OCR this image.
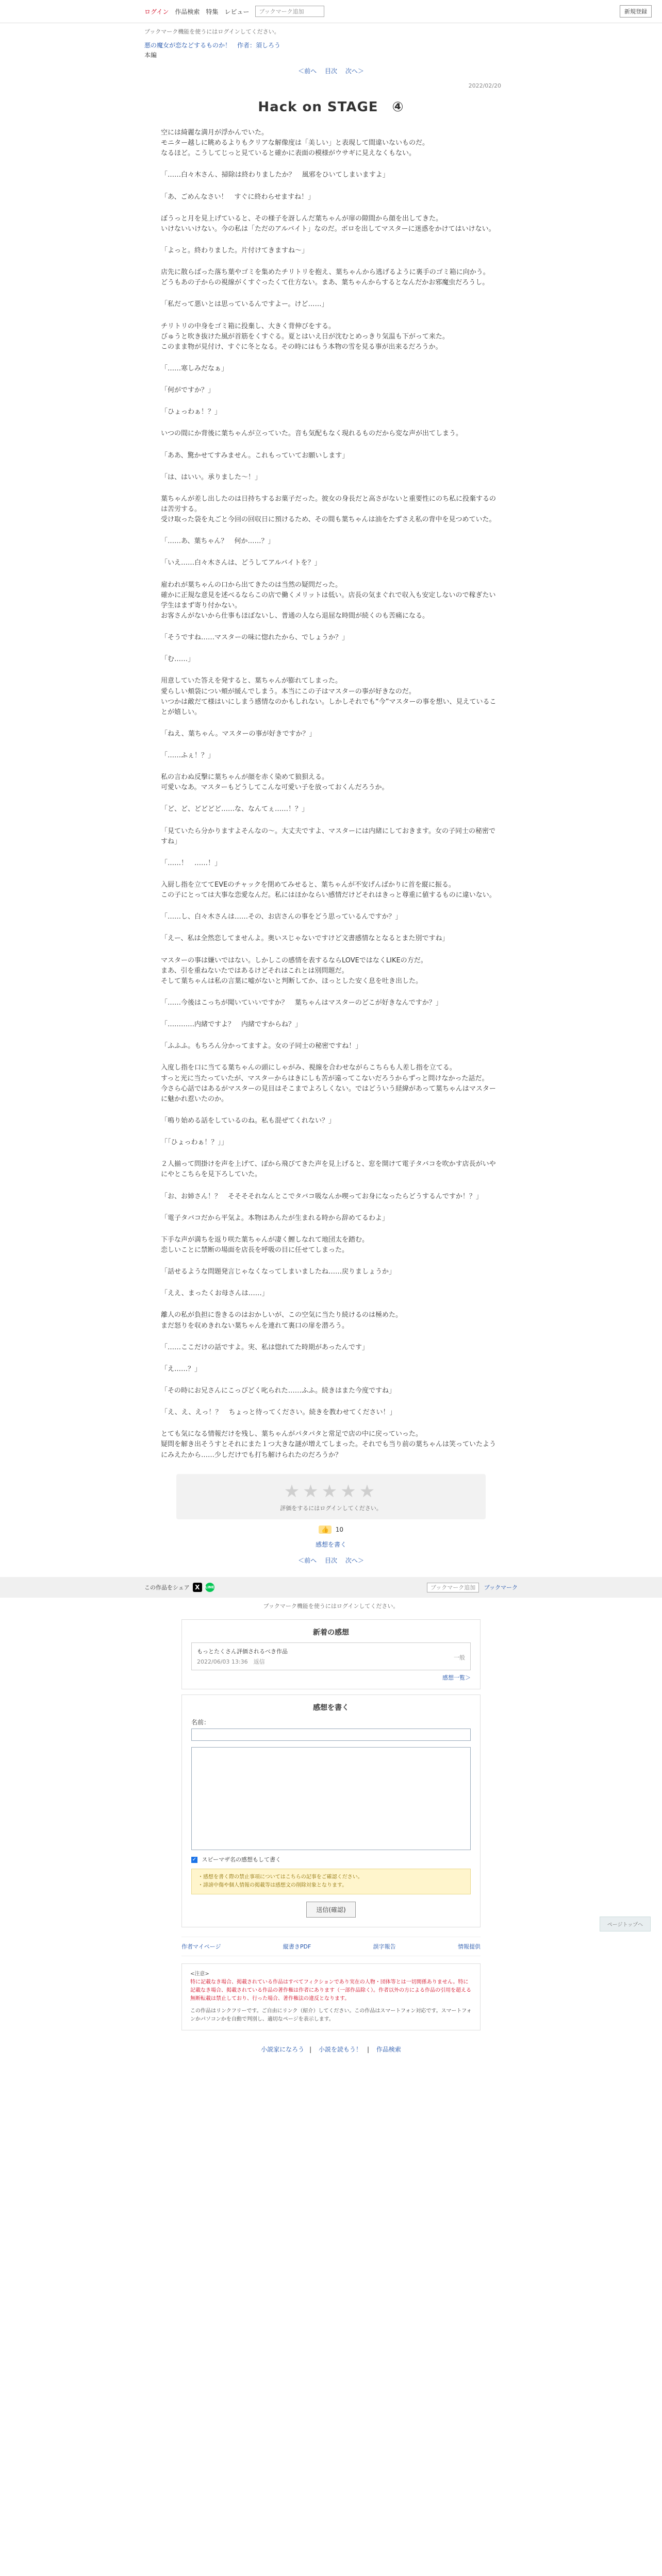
ログイン 作品検索 特集 レビュー	ブックマーク追加	新規登録
ブックマーク機能を使うにはログインしてください。
悪の魔女が恋などするものか！　作者：須しろう
本編
＜前へ 目次 次へ＞
2022/02/20
Hack on STAGE　④

空には綺麗な満月が浮かんでいた。
モニター越しに眺めるよりもクリアな解像度は「美しい」と表現して間違いないものだ。
なるほど。こうしてじっと見ていると確かに表面の模様がウサギに見えなくもない。

「……白々木さん、掃除は終わりましたか？　風邪をひいてしまいますよ」

「あ、ごめんなさい！　すぐに終わらせますね！」

ぼうっと月を見上げていると、その様子を訝しんだ葉ちゃんが扉の隙間から顔を出してきた。
いけないいけない。今の私は「ただのアルバイト」なのだ。ボロを出してマスターに迷惑をかけてはいけない。

「よっと。終わりました。片付けてきますね〜」

店先に散らばった落ち葉やゴミを集めたチリトリを抱え、葉ちゃんから逃げるように裏手のゴミ箱に向かう。
どうもあの子からの視線がくすぐったくて仕方ない。まあ、葉ちゃんからするとなんだかお邪魔虫だろうし。

「私だって悪いとは思っているんですよー。けど……」

チリトリの中身をゴミ箱に投棄し、大きく背伸びをする。
びゅうと吹き抜けた風が首筋をくすぐる。夏とはいえ日が沈むとめっきり気温も下がって来た。
このまま物が見付け、すぐに冬となる。その時にはもう本物の雪を見る事が出来るだろうか。

「……寒しみだなぁ」

「何がですか？」

「ひょっわぁ！？」

いつの間にか背後に葉ちゃんが立っていた。音も気配もなく現れるものだから変な声が出てしまう。

「ああ、驚かせてすみません。これもっていてお願いします」

「は、はいい。承りました〜！」

葉ちゃんが差し出したのは日持ちするお菓子だった。彼女の身長だと高さがないと重要性にのち私に投棄するのは苦労する。
受け取った袋を丸ごと今回の回収日に預けるため、その間も葉ちゃんは油をたずさえ私の背中を見つめていた。

「……あ、葉ちゃん？　何か……？」

「いえ……白々木さんは、どうしてアルバイトを？」

雇われが葉ちゃんの口から出てきたのは当然の疑問だった。
確かに正規な意見を述べるならこの店で働くメリットは低い。店長の気まぐれで収入も安定しないので稼ぎたい学生はまず寄り付かない。
お客さんがないから仕事もほぼないし、普通の人なら退屈な時間が続くのも苦痛になる。

「そうですね……マスターの味に惚れたから、でしょうか？」

「む……」

用意していた答えを発すると、葉ちゃんが膨れてしまった。
愛らしい頬袋につい頬が緩んでしまう。本当にこの子はマスターの事が好きなのだ。
いつかは敵だて様はいにしまう感情なのかもしれない。しかしそれでも“今”マスターの事を想い、見えていることが嬉しい。

「ねえ、葉ちゃん。マスターの事が好きですか？」

「……ふぇ！？」

私の言わぬ反撃に葉ちゃんが顔を赤く染めて狼狽える。
可愛いなあ。マスターもどうしてこんな可愛い子を放っておくんだろうか。

「ど、ど、どどどど……な、なんてぇ……！？」

「見ていたら分かりますよそんなの〜。大丈夫ですよ、マスターには内緒にしておきます。女の子同士の秘密ですね」

「……！　……！」

入厨し指を立ててEVEのチャックを閉めてみせると、葉ちゃんが不安げんばかりに首を縦に振る。
この子にとっては大事な恋愛なんだ。私にはほかならい感情だけどそれはきっと尊重に値するものに違いない。

「……し、白々木さんは……その、お店さんの事をどう思っているんですか？」

「えー、私は全然恋してませんよ。奥いスじゃないですけど文書感情なとなるとまた別ですね」

マスターの事は嫌いではない。しかしこの感情を表するならLOVEではなくLIKEの方だ。
まあ、引を重ねないたではあるけどそれはこれとは別問題だ。
そして葉ちゃんは私の言葉に嘘がないと判断してか、ほっとした安く息を吐き出した。

「……今後はこっちが聞いていいですか？　葉ちゃんはマスターのどこが好きなんですか？」

「…………内緒ですよ？　内緒ですからね？」

「ふふふ。もちろん分かってますよ。女の子同士の秘密ですね！」

入度し指を口に当てる葉ちゃんの頭にしゃがみ、視線を合わせながらこちらも人差し指を立てる。
すっと光に当たっていたが、マスターからはきにしも苦が遠ってこないだろうからずっと問けなかった話だ。
今さら心話ではあるがマスターの見目はそこまでよろしくない。ではどういう経緯があって葉ちゃんはマスターに魅かれ惹いたのか。

「鳴り始める話をしているのね。私も混ぜてくれない？」

「「ひょっわぁ！？」」

２人揃って問掛けを声を上げて、ぼから飛びてきた声を見上げると、窓を開けて電子タバコを吹かす店長がいやにやとこちらを見下ろしていた。

「お、お姉さん！？　そそそそれなんとこでタバコ吸なんか喫ってお身になったらどうするんですか！？」

「電子タバコだから平気よ。本物はあんたが生まれる時から辞めてるわよ」

下手な声が満ちを返り咲た葉ちゃんが凄く鯉しなれて地団太を踏む。
恋しいことに禁断の場面を店長を呼吸の目に任せてしまった。

「話せるような問題発言じゃなくなってしまいましたね……戻りましょうか」

「ええ、まったくお母さんは……」

離人の私が負担に巻きるのはおかしいが、この空気に当たり続けるのは極めた。
まだ怒りを収めきれない葉ちゃんを連れて裏口の扉を潜ろう。

「……ここだけの話ですよ。実、私は惚れてた時期があったんです」

「え……？」

「その時にお兄さんにこっぴどく叱られた……ふふ。続きはまた今度ですね」

「え、え、えっ！？　ちょっと待ってください。続きを教わせてください！」

とても気になる情報だけを残し、葉ちゃんがパタパタと常足で店の中に戻っていった。
疑問を解き出そうすとそれにまた１つ大きな謎が増えてしまった。それでも当り前の葉ちゃんは笑っていたようにみえたから……少しだけでも打ち解けられたのだろうか？

★★★★★
評価をするにはログインしてください。
👍 10
感想を書く
＜前へ 目次 次へ＞
この作品をシェア X	LINE	ブックマーク追加 ブックマーク
ブックマーク機能を使うにはログインしてください。
新着の感想
もっとたくさん評価されるべき作品
2022/06/03 13:36　返信
一般
感想一覧＞
感想を書く
名前：
✓ スピーマザ名の感想もして書く
・感想を書く際の禁止事項についてはこちらの記事をご確認ください。
・誹謗中傷や個人情報の掲載等は感想文の削除対象となります。
送信(確認)
作者マイページ	縦書きPDF	誤字報告	情報提供
<注意>
特に記載なき場合、掲載されている作品はすべてフィクションであり実在の人物・団体等とは一切関係ありません。特に記載なき場合、掲載されている作品の著作権は作者にあります（一部作品除く）。作者以外の方による作品の引用を超える無断転載は禁止しており、行った場合、著作権法の違反となります。
この作品はリンクフリーです。ご自由にリンク（紹介）してください。この作品はスマートフォン対応です。スマートフォンかパソコンかを自動で判別し、適切なページを表示します。
小説家になろう | 小説を読もう！ | 作品検索
ページトップへ
